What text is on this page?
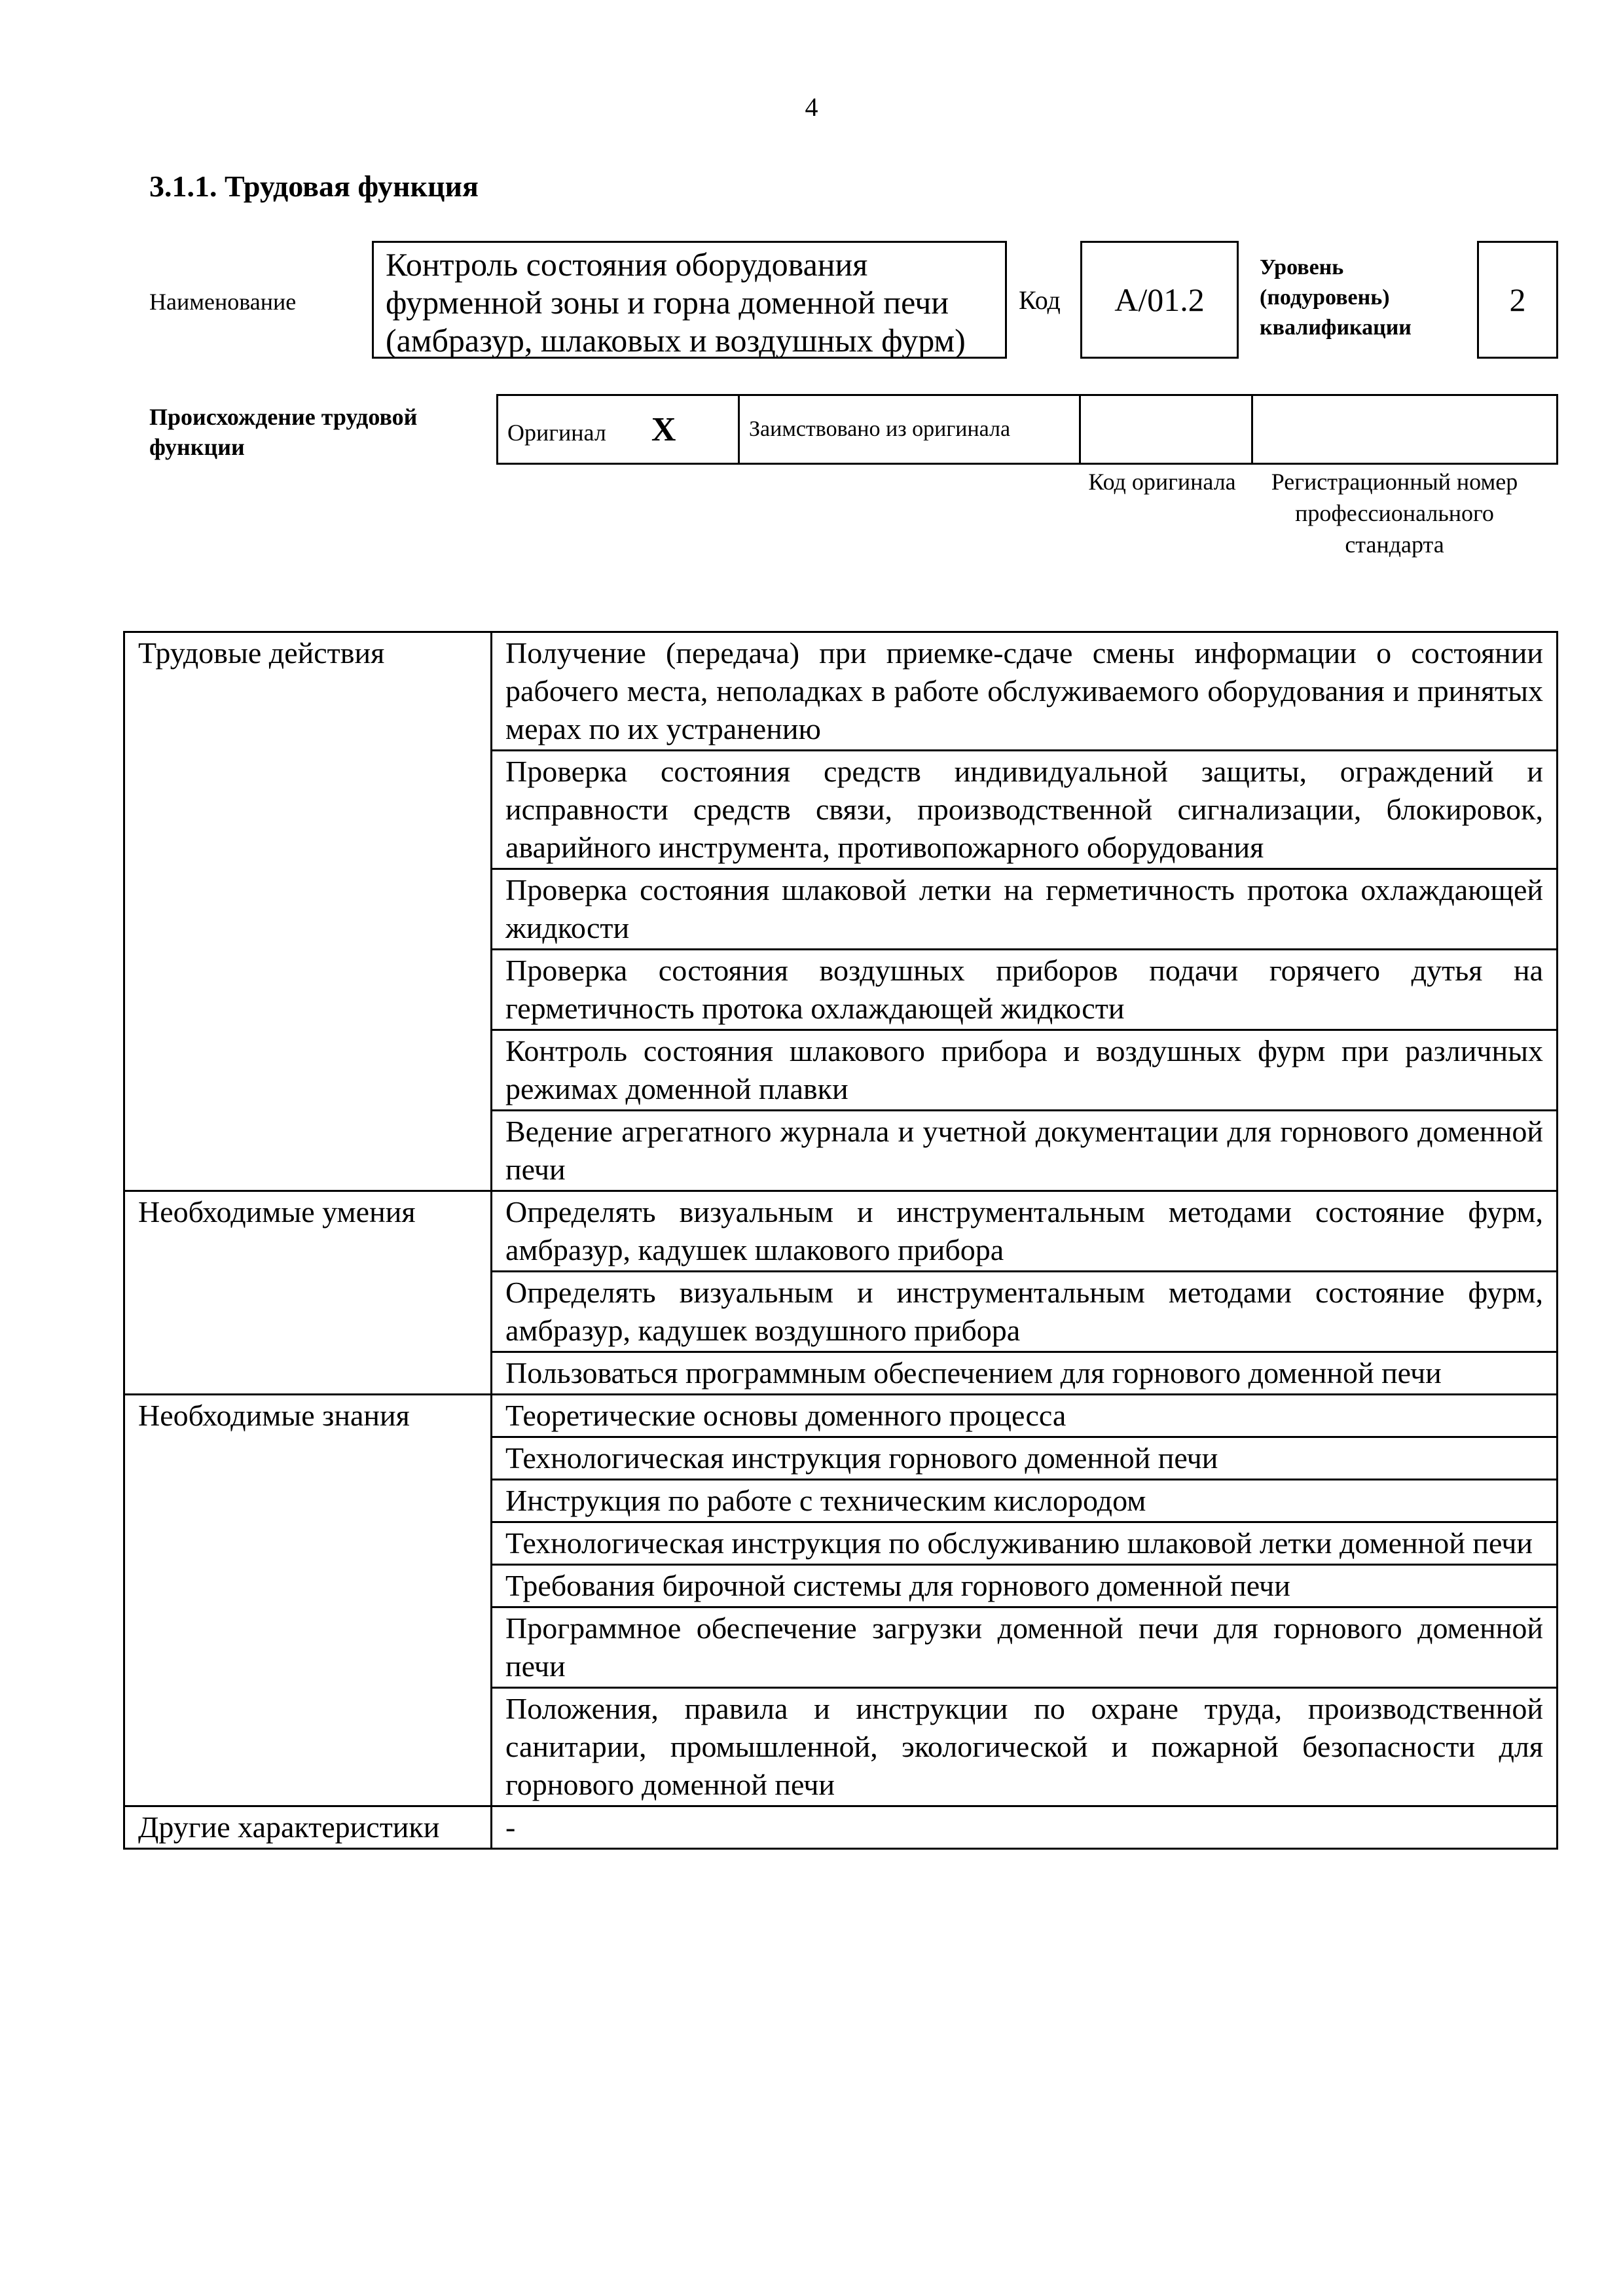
4
3.1.1. Трудовая функция
Наименование
Контроль состояния оборудования фурменной зоны и горна доменной печи (амбразур, шлаковых и воздушных фурм)
Код	А/01.2
Уровень (подуровень) квалификации
2
Происхождение трудовой функции
Оригинал X	Заимствовано из оригинала		
Код оригинала	Регистрационный номер профессионального стандарта
Трудовые действия	Получение (передача) при приемке-сдаче смены информации о состоянии рабочего места, неполадках в работе обслуживаемого оборудования и принятых мерах по их устранению
	Проверка состояния средств индивидуальной защиты, ограждений и исправности средств связи, производственной сигнализации, блокировок, аварийного инструмента, противопожарного оборудования
	Проверка состояния шлаковой летки на герметичность протока охлаждающей жидкости
	Проверка состояния воздушных приборов подачи горячего дутья на герметичность протока охлаждающей жидкости
	Контроль состояния шлакового прибора и воздушных фурм при различных режимах доменной плавки
	Ведение агрегатного журнала и учетной документации для горнового доменной печи
Необходимые умения	Определять визуальным и инструментальным методами состояние фурм, амбразур, кадушек шлакового прибора
	Определять визуальным и инструментальным методами состояние фурм, амбразур, кадушек воздушного прибора
	Пользоваться программным обеспечением для горнового доменной печи
Необходимые знания	Теоретические основы доменного процесса
	Технологическая инструкция горнового доменной печи
	Инструкция по работе с техническим кислородом
	Технологическая инструкция по обслуживанию шлаковой летки доменной печи
	Требования бирочной системы для горнового доменной печи
	Программное обеспечение загрузки доменной печи для горнового доменной печи
	Положения, правила и инструкции по охране труда, производственной санитарии, промышленной, экологической и пожарной безопасности для горнового доменной печи
Другие характеристики	-
